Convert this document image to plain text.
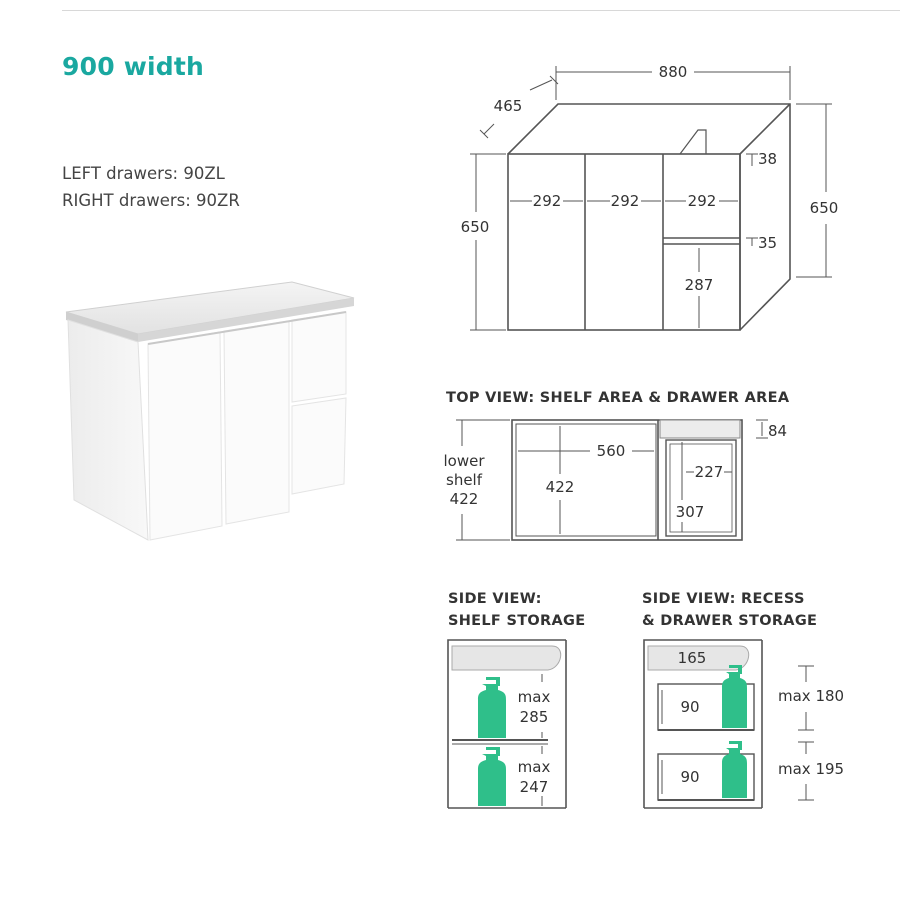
900 width
LEFT drawers: 90ZL
RIGHT drawers: 90ZR
880
465
650
650
292	292	292
38
35
287
TOP VIEW: SHELF AREA & DRAWER AREA
lower
shelf
422
560
422
84
227
307
SIDE VIEW:
SHELF STORAGE
max
285
max
247
SIDE VIEW: RECESS
& DRAWER STORAGE
165
90
90
max 180
max 195
